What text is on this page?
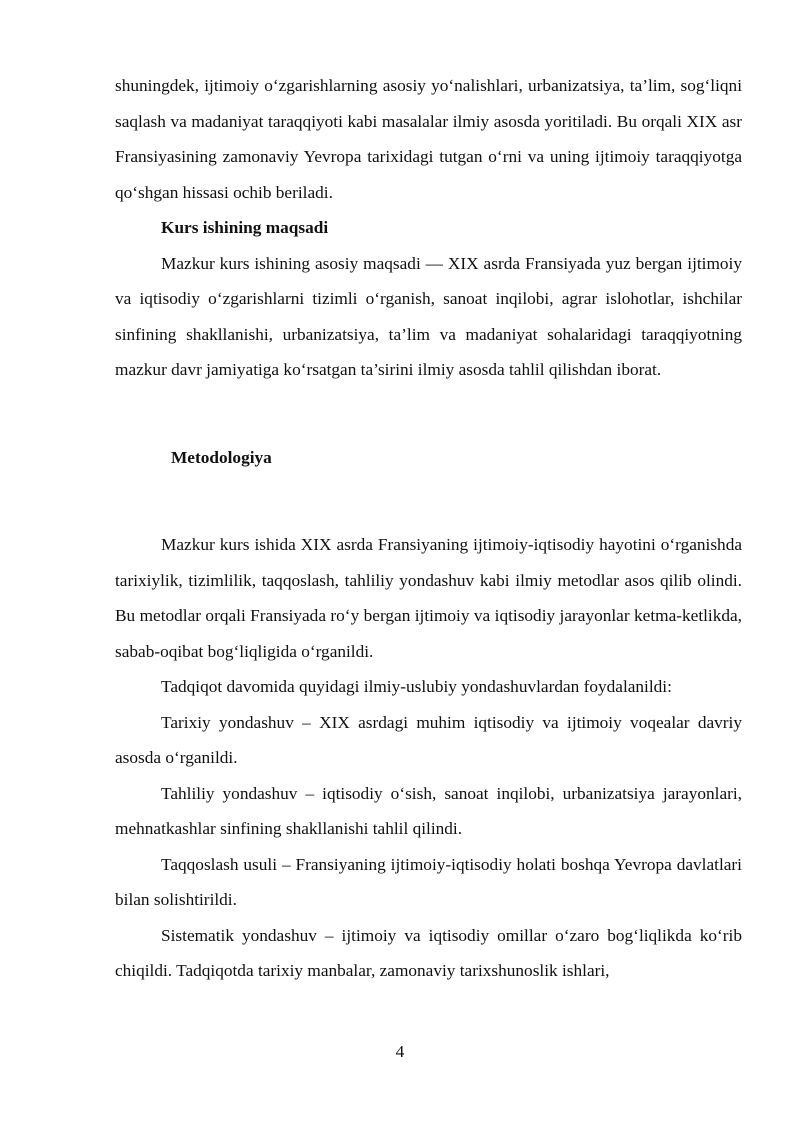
shuningdek, ijtimoiy o‘zgarishlarning asosiy yo‘nalishlari, urbanizatsiya, ta’lim, sog‘liqni saqlash va madaniyat taraqqiyoti kabi masalalar ilmiy asosda yoritiladi. Bu orqali XIX asr Fransiyasining zamonaviy Yevropa tarixidagi tutgan o‘rni va uning ijtimoiy taraqqiyotga qo‘shgan hissasi ochib beriladi.

Kurs ishining maqsadi

Mazkur kurs ishining asosiy maqsadi — XIX asrda Fransiyada yuz bergan ijtimoiy va iqtisodiy o‘zgarishlarni tizimli o‘rganish, sanoat inqilobi, agrar islohotlar, ishchilar sinfining shakllanishi, urbanizatsiya, ta’lim va madaniyat sohalaridagi taraqqiyotning mazkur davr jamiyatiga ko‘rsatgan ta’sirini ilmiy asosda tahlil qilishdan iborat.

Metodologiya

Mazkur kurs ishida XIX asrda Fransiyaning ijtimoiy-iqtisodiy hayotini o‘rganishda tarixiylik, tizimlilik, taqqoslash, tahliliy yondashuv kabi ilmiy metodlar asos qilib olindi. Bu metodlar orqali Fransiyada ro‘y bergan ijtimoiy va iqtisodiy jarayonlar ketma-ketlikda, sabab-oqibat bog‘liqligida o‘rganildi.

Tadqiqot davomida quyidagi ilmiy-uslubiy yondashuvlardan foydalanildi:

Tarixiy yondashuv – XIX asrdagi muhim iqtisodiy va ijtimoiy voqealar davriy asosda o‘rganildi.

Tahliliy yondashuv – iqtisodiy o‘sish, sanoat inqilobi, urbanizatsiya jarayonlari, mehnatkashlar sinfining shakllanishi tahlil qilindi.

Taqqoslash usuli – Fransiyaning ijtimoiy-iqtisodiy holati boshqa Yevropa davlatlari bilan solishtirildi.

Sistematik yondashuv – ijtimoiy va iqtisodiy omillar o‘zaro bog‘liqlikda ko‘rib chiqildi. Tadqiqotda tarixiy manbalar, zamonaviy tarixshunoslik ishlari,

4
